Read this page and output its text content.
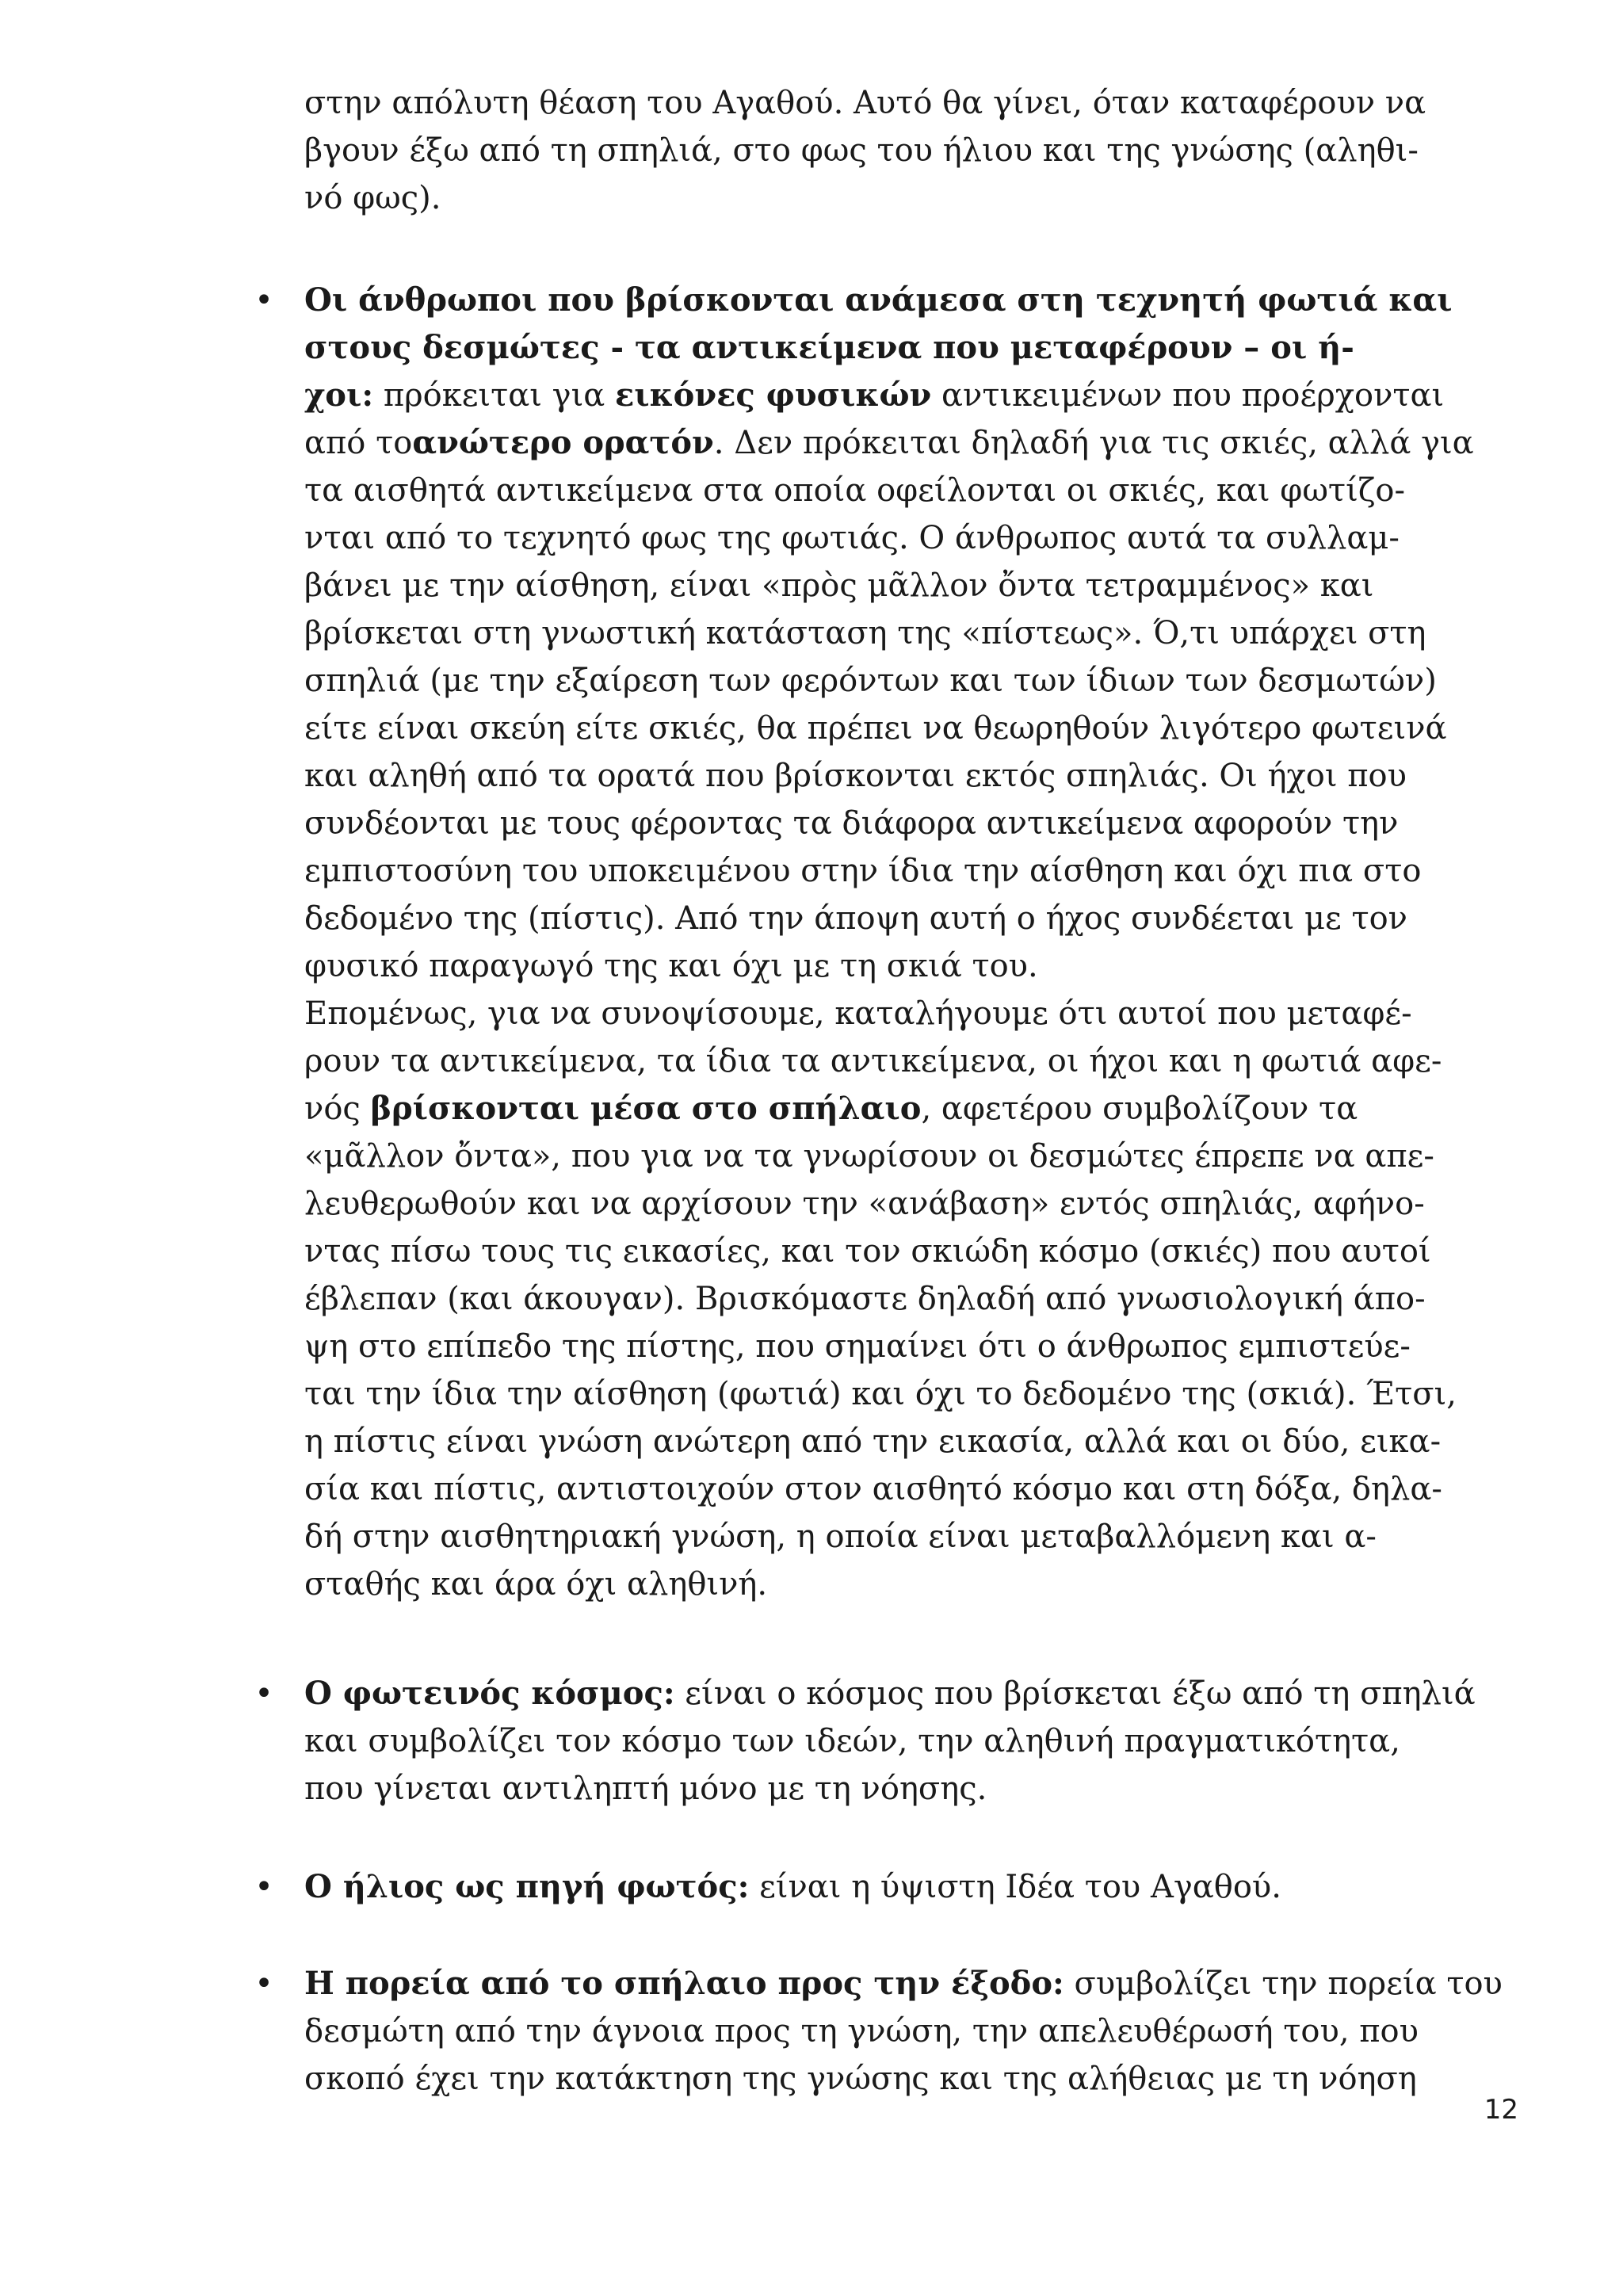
στην απόλυτη θέαση του Αγαθού. Αυτό θα γίνει, όταν καταφέρουν να
βγουν έξω από τη σπηλιά, στο φως του ήλιου και της γνώσης (αληθι-
νό φως).
• Οι άνθρωποι που βρίσκονται ανάμεσα στη τεχνητή φωτιά και
στους δεσμώτες - τα αντικείμενα που μεταφέρουν – οι ή-
χοι: πρόκειται για εικόνες φυσικών αντικειμένων που προέρχονται
από τοανώτερο ορατόν. Δεν πρόκειται δηλαδή για τις σκιές, αλλά για
τα αισθητά αντικείμενα στα οποία οφείλονται οι σκιές, και φωτίζο-
νται από το τεχνητό φως της φωτιάς. Ο άνθρωπος αυτά τα συλλαμ-
βάνει με την αίσθηση, είναι «πρὸς μᾶλλον ὄντα τετραμμένος» και
βρίσκεται στη γνωστική κατάσταση της «πίστεως». Ό,τι υπάρχει στη
σπηλιά (με την εξαίρεση των φερόντων και των ίδιων των δεσμωτών)
είτε είναι σκεύη είτε σκιές, θα πρέπει να θεωρηθούν λιγότερο φωτεινά
και αληθή από τα ορατά που βρίσκονται εκτός σπηλιάς. Οι ήχοι που
συνδέονται με τους φέροντας τα διάφορα αντικείμενα αφορούν την
εμπιστοσύνη του υποκειμένου στην ίδια την αίσθηση και όχι πια στο
δεδομένο της (πίστις). Από την άποψη αυτή ο ήχος συνδέεται με τον
φυσικό παραγωγό της και όχι με τη σκιά του.
Επομένως, για να συνοψίσουμε, καταλήγουμε ότι αυτοί που μεταφέ-
ρουν τα αντικείμενα, τα ίδια τα αντικείμενα, οι ήχοι και η φωτιά αφε-
νός βρίσκονται μέσα στο σπήλαιο, αφετέρου συμβολίζουν τα
«μᾶλλον ὄντα», που για να τα γνωρίσουν οι δεσμώτες έπρεπε να απε-
λευθερωθούν και να αρχίσουν την «ανάβαση» εντός σπηλιάς, αφήνο-
ντας πίσω τους τις εικασίες, και τον σκιώδη κόσμο (σκιές) που αυτοί
έβλεπαν (και άκουγαν). Βρισκόμαστε δηλαδή από γνωσιολογική άπο-
ψη στο επίπεδο της πίστης, που σημαίνει ότι ο άνθρωπος εμπιστεύε-
ται την ίδια την αίσθηση (φωτιά) και όχι το δεδομένο της (σκιά). Έτσι,
η πίστις είναι γνώση ανώτερη από την εικασία, αλλά και οι δύο, εικα-
σία και πίστις, αντιστοιχούν στον αισθητό κόσμο και στη δόξα, δηλα-
δή στην αισθητηριακή γνώση, η οποία είναι μεταβαλλόμενη και α-
σταθής και άρα όχι αληθινή.
• Ο φωτεινός κόσμος: είναι ο κόσμος που βρίσκεται έξω από τη σπηλιά
και συμβολίζει τον κόσμο των ιδεών, την αληθινή πραγματικότητα,
που γίνεται αντιληπτή μόνο με τη νόησης.
• Ο ήλιος ως πηγή φωτός: είναι η ύψιστη Ιδέα του Αγαθού.
• Η πορεία από το σπήλαιο προς την έξοδο: συμβολίζει την πορεία του
δεσμώτη από την άγνοια προς τη γνώση, την απελευθέρωσή του, που
σκοπό έχει την κατάκτηση της γνώσης και της αλήθειας με τη νόηση
12
